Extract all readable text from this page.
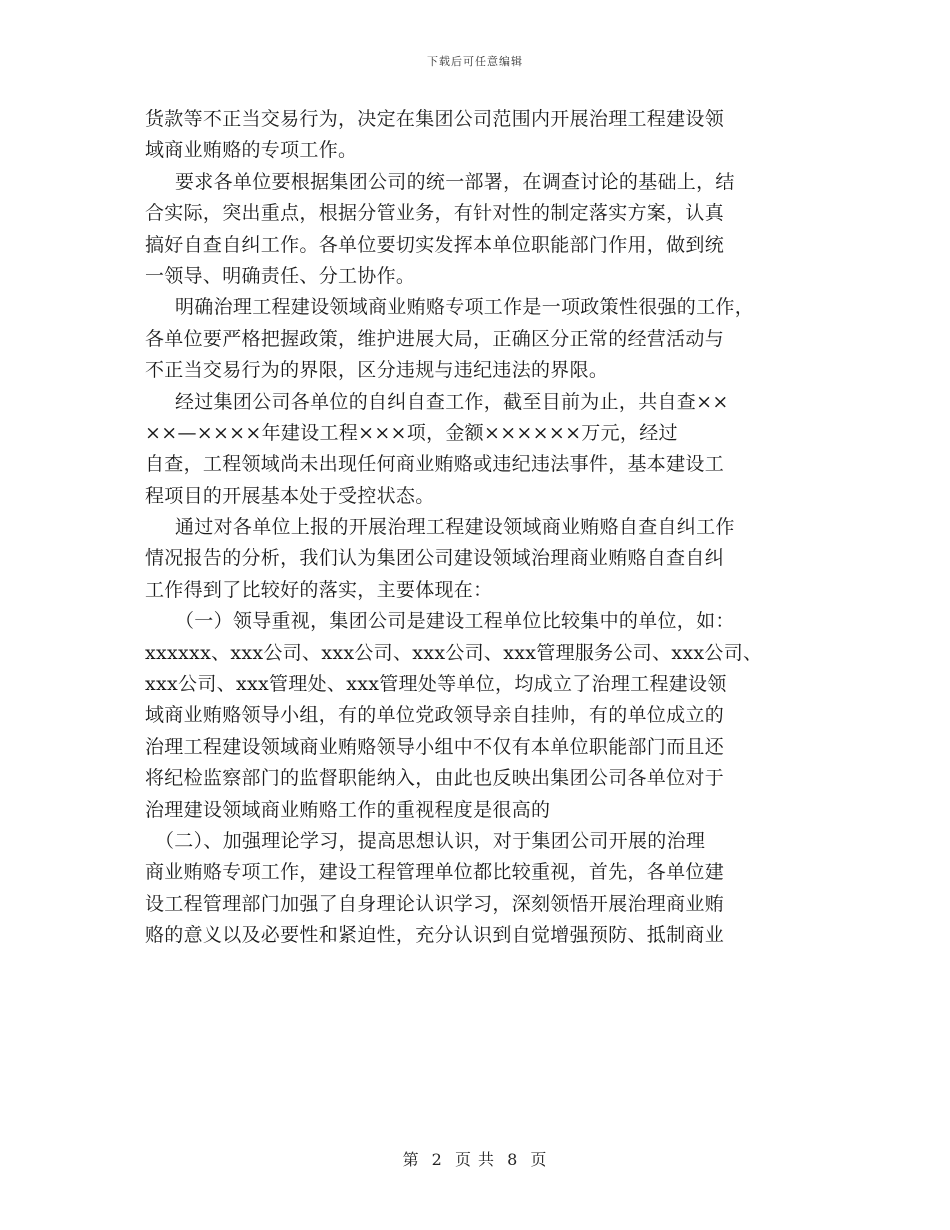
下载后可任意编辑
货款等不正当交易行为，决定在集团公司范围内开展治理工程建设领
域商业贿赂的专项工作。
要求各单位要根据集团公司的统一部署，在调查讨论的基础上，结
合实际，突出重点，根据分管业务，有针对性的制定落实方案，认真
搞好自查自纠工作。各单位要切实发挥本单位职能部门作用，做到统
一领导、明确责任、分工协作。
明确治理工程建设领域商业贿赂专项工作是一项政策性很强的工作，
各单位要严格把握政策，维护进展大局，正确区分正常的经营活动与
不正当交易行为的界限，区分违规与违纪违法的界限。
经过集团公司各单位的自纠自查工作，截至目前为止，共自查××
××—××××年建设工程×××项，金额××××××万元，经过
自查，工程领域尚未出现任何商业贿赂或违纪违法事件，基本建设工
程项目的开展基本处于受控状态。
通过对各单位上报的开展治理工程建设领域商业贿赂自查自纠工作
情况报告的分析，我们认为集团公司建设领域治理商业贿赂自查自纠
工作得到了比较好的落实，主要体现在：
（一）领导重视，集团公司是建设工程单位比较集中的单位，如：
xxxxxx、xxx公司、xxx公司、xxx公司、xxx管理服务公司、xxx公司、
xxx公司、xxx管理处、xxx管理处等单位，均成立了治理工程建设领
域商业贿赂领导小组，有的单位党政领导亲自挂帅，有的单位成立的
治理工程建设领域商业贿赂领导小组中不仅有本单位职能部门而且还
将纪检监察部门的监督职能纳入，由此也反映出集团公司各单位对于
治理建设领域商业贿赂工作的重视程度是很高的
（二）、加强理论学习，提高思想认识，对于集团公司开展的治理
商业贿赂专项工作，建设工程管理单位都比较重视，首先，各单位建
设工程管理部门加强了自身理论认识学习，深刻领悟开展治理商业贿
赂的意义以及必要性和紧迫性，充分认识到自觉增强预防、抵制商业
第 2 页 共 8 页
